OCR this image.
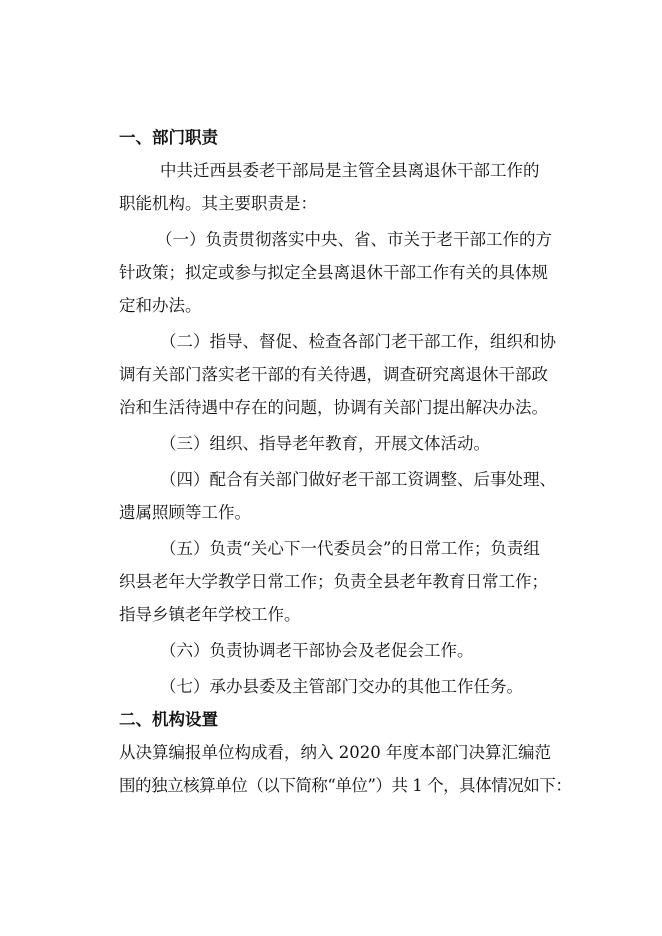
一、部门职责
中共迁西县委老干部局是主管全县离退休干部工作的
职能机构。其主要职责是：
（一）负责贯彻落实中央、省、市关于老干部工作的方
针政策；拟定或参与拟定全县离退休干部工作有关的具体规
定和办法。
（二）指导、督促、检查各部门老干部工作，组织和协
调有关部门落实老干部的有关待遇，调查研究离退休干部政
治和生活待遇中存在的问题，协调有关部门提出解决办法。
（三）组织、指导老年教育，开展文体活动。
（四）配合有关部门做好老干部工资调整、后事处理、
遗属照顾等工作。
（五）负责“关心下一代委员会”的日常工作；负责组
织县老年大学教学日常工作；负责全县老年教育日常工作；
指导乡镇老年学校工作。
（六）负责协调老干部协会及老促会工作。
（七）承办县委及主管部门交办的其他工作任务。
二、机构设置
从决算编报单位构成看，纳入 2020 年度本部门决算汇编范
围的独立核算单位（以下简称“单位”）共 1 个，具体情况如下：
